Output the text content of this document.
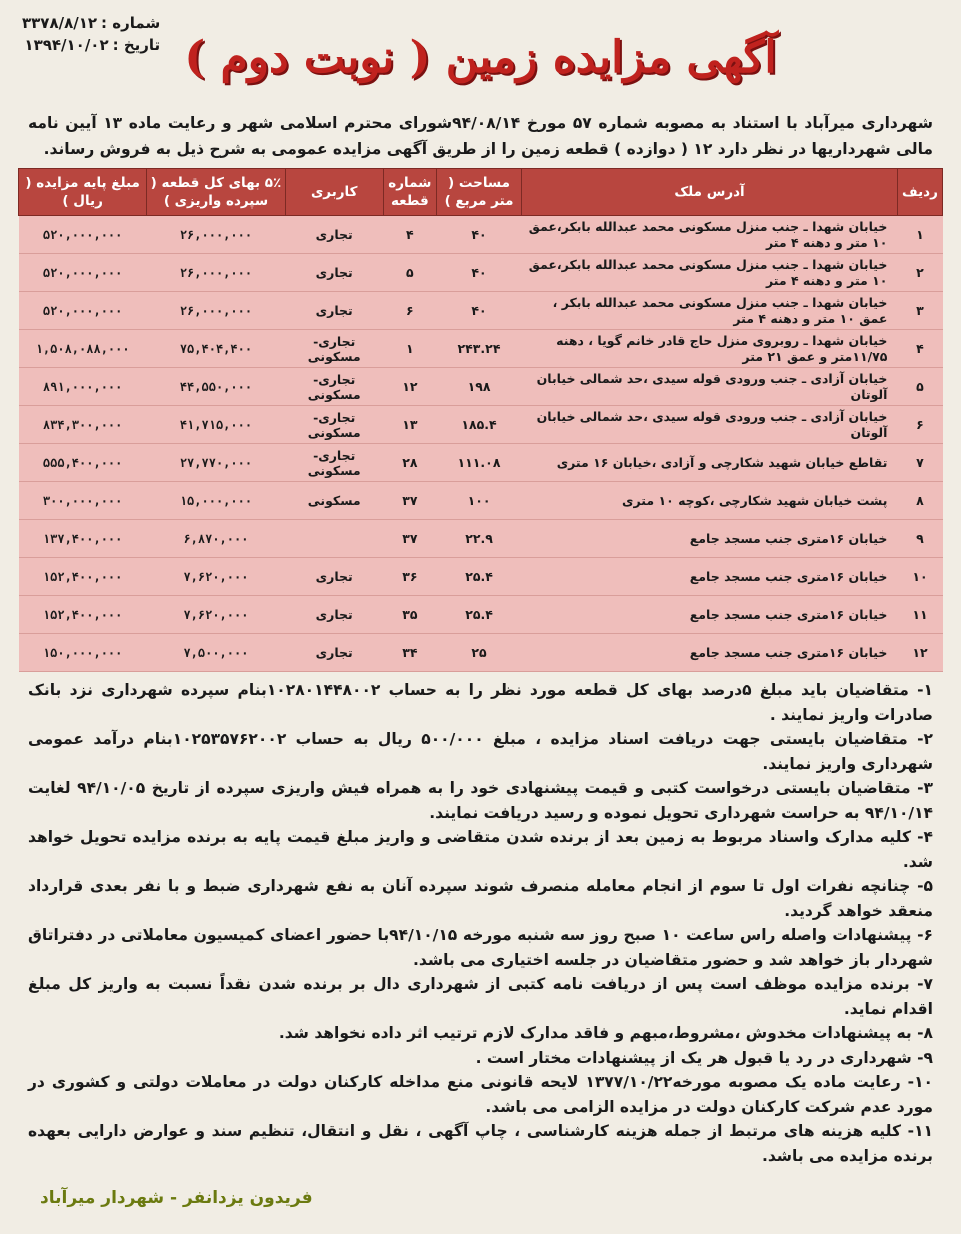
شماره :
۳۳۷۸/۸/۱۲
تاریخ :
۱۳۹۴/۱۰/۰۲	آگهی مزایده زمین ( نوبت دوم )
شهرداری میرآباد با استناد به مصوبه شماره ۵۷ مورخ ۹۴/۰۸/۱۴شورای محترم اسلامی شهر و رعایت ماده ۱۳ آیین نامه مالی شهرداریها در نظر دارد ۱۲ ( دوازده ) قطعه زمین را از طریق آگهی مزایده عمومی به شرح ذیل به فروش رساند.
ردیف	آدرس ملک	مساحت ( متر مربع )	شماره قطعه	کاربری	۵٪ بهای کل قطعه ( سپرده واریزی )	مبلغ پایه مزایده ( ریال )
۱	خیابان شهدا ـ جنب منزل مسکونی محمد عبدالله بابکر،عمق ۱۰ متر و دهنه ۴ متر	۴۰	۴	تجاری	۲۶,۰۰۰,۰۰۰	۵۲۰,۰۰۰,۰۰۰
۲	خیابان شهدا ـ جنب منزل مسکونی محمد عبدالله بابکر،عمق ۱۰ متر و دهنه ۴ متر	۴۰	۵	تجاری	۲۶,۰۰۰,۰۰۰	۵۲۰,۰۰۰,۰۰۰
۳	خیابان شهدا ـ جنب منزل مسکونی محمد عبدالله بابکر ، عمق ۱۰ متر و دهنه ۴ متر	۴۰	۶	تجاری	۲۶,۰۰۰,۰۰۰	۵۲۰,۰۰۰,۰۰۰
۴	خیابان شهدا ـ روبروی منزل حاج قادر خانم گویا ، دهنه ۱۱/۷۵متر و عمق ۲۱ متر	۲۴۳.۲۴	۱	تجاری-مسکونی	۷۵,۴۰۴,۴۰۰	۱,۵۰۸,۰۸۸,۰۰۰
۵	خیابان آزادی ـ جنب ورودی قوله سیدی ،حد شمالی خیابان آلوتان	۱۹۸	۱۲	تجاری- مسکونی	۴۴,۵۵۰,۰۰۰	۸۹۱,۰۰۰,۰۰۰
۶	خیابان آزادی ـ جنب ورودی قوله سیدی ،حد شمالی خیابان آلوتان	۱۸۵.۴	۱۳	تجاری-مسکونی	۴۱,۷۱۵,۰۰۰	۸۳۴,۳۰۰,۰۰۰
۷	تقاطع خیابان شهید شکارچی و آزادی ،خیابان ۱۶ متری	۱۱۱.۰۸	۲۸	تجاری-مسکونی	۲۷,۷۷۰,۰۰۰	۵۵۵,۴۰۰,۰۰۰
۸	پشت خیابان شهید شکارچی ،کوچه ۱۰ متری	۱۰۰	۳۷	مسکونی	۱۵,۰۰۰,۰۰۰	۳۰۰,۰۰۰,۰۰۰
۹	خیابان ۱۶متری جنب مسجد جامع	۲۲.۹	۳۷		۶,۸۷۰,۰۰۰	۱۳۷,۴۰۰,۰۰۰
۱۰	خیابان ۱۶متری جنب مسجد جامع	۲۵.۴	۳۶	تجاری	۷,۶۲۰,۰۰۰	۱۵۲,۴۰۰,۰۰۰
۱۱	خیابان ۱۶متری جنب مسجد جامع	۲۵.۴	۳۵	تجاری	۷,۶۲۰,۰۰۰	۱۵۲,۴۰۰,۰۰۰
۱۲	خیابان ۱۶متری جنب مسجد جامع	۲۵	۳۴	تجاری	۷,۵۰۰,۰۰۰	۱۵۰,۰۰۰,۰۰۰

۱- متقاضیان باید مبلغ ۵درصد بهای کل قطعه مورد نظر را به حساب ۱۰۲۸۰۱۴۴۸۰۰۲بنام سپرده شهرداری نزد بانک صادرات واریز نمایند .

۲- متقاضیان بایستی جهت دریافت اسناد مزایده ، مبلغ ۵۰۰/۰۰۰ ریال به حساب ۱۰۲۵۳۵۷۶۲۰۰۲بنام درآمد عمومی شهرداری واریز نمایند.

۳- متقاضیان بایستی درخواست کتبی و قیمت پیشنهادی خود را به همراه فیش واریزی سپرده از تاریخ ۹۴/۱۰/۰۵ لغایت ۹۴/۱۰/۱۴ به حراست شهرداری تحویل نموده و رسید دریافت نمایند.

۴- کلیه مدارک واسناد مربوط به زمین بعد از برنده شدن متقاضی و واریز مبلغ قیمت پایه به برنده مزایده تحویل خواهد شد.

۵- چنانچه نفرات اول تا سوم از انجام معامله منصرف شوند سپرده آنان به نفع شهرداری ضبط و با نفر بعدی قرارداد منعقد خواهد گردید.

۶- پیشنهادات واصله راس ساعت ۱۰ صبح روز سه شنبه مورخه ۹۴/۱۰/۱۵با حضور اعضای کمیسیون معاملاتی در دفتراتاق شهردار باز خواهد شد و حضور متقاضیان در جلسه اختیاری می باشد.

۷- برنده مزایده موظف است پس از دریافت نامه کتبی از شهرداری دال بر برنده شدن نقداً نسبت به واریز کل مبلغ اقدام نماید.

۸- به پیشنهادات مخدوش ،مشروط،مبهم و فاقد مدارک لازم ترتیب اثر داده نخواهد شد.

۹- شهرداری در رد یا قبول هر یک از پیشنهادات مختار است .

۱۰- رعایت ماده یک مصوبه مورخه۱۳۷۷/۱۰/۲۲ لایحه قانونی منع مداخله کارکنان دولت در معاملات دولتی و کشوری در مورد عدم شرکت کارکنان دولت در مزایده الزامی می باشد.

۱۱- کلیه هزینه های مرتبط از جمله هزینه کارشناسی ، چاپ آگهی ، نقل و انتقال، تنظیم سند و عوارض دارایی بعهده برنده مزایده می باشد.

فریدون یزدانفر - شهردار میرآباد
